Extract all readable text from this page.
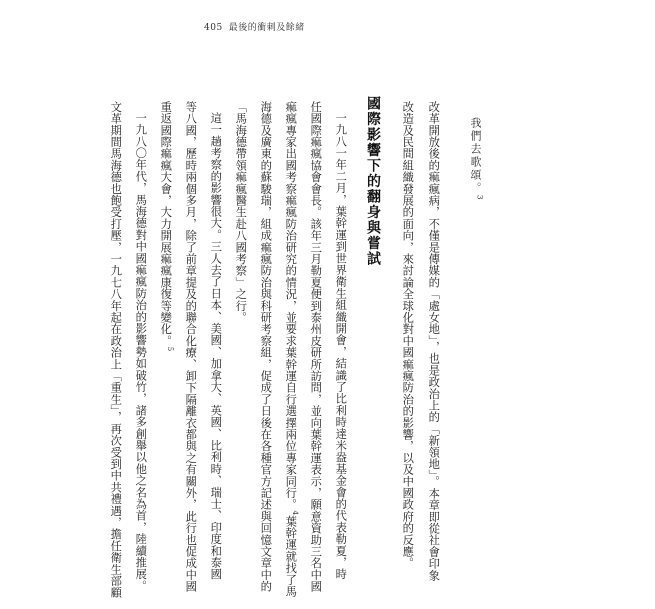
405 最後的衝刺及餘緒
我們去歌頌。$^3$
改革開放後的痲瘋病，不僅是傳媒的「處女地」，也是政治上的「新領地」。本章即從社會印象
改造及民間組織發展的面向，來討論全球化對中國痲瘋防治的影響，以及中國政府的反應。
國際影響下的翻身與嘗試
一九八一年二月，葉幹運到世界衛生組織開會，結識了比利時達米盎基金會的代表勒夏，時
任國際痲瘋協會會長。該年三月勒夏便到泰州皮研所訪問，並向葉幹運表示，願意資助三名中國
痲瘋專家出國考察痲瘋防治研究的情況，並要求葉幹運自行選擇兩位專家同行。$^4$葉幹運就找了馬
海德及廣東的蘇駿瑞，組成痲瘋防治與科研考察組，促成了日後在各種官方記述與回憶文章中的
「馬海德帶領痲瘋醫生赴八國考察」之行。
這一趟考察的影響很大。三人去了日本、美國、加拿大、英國、比利時、瑞士、印度和泰國
等八國，歷時兩個多月，除了前章提及的聯合化療、卸下隔離衣都與之有關外，此行也促成中國
重返國際痲瘋大會，大力開展痲瘋康復等變化。$^5$
一九八〇年代，馬海德對中國痲瘋防治的影響勢如破竹，諸多創舉以他之名為首，陸續推展。
文革期間馬海德也飽受打壓，一九七八年起在政治上「重生」，再次受到中共禮遇，擔任衛生部顧
